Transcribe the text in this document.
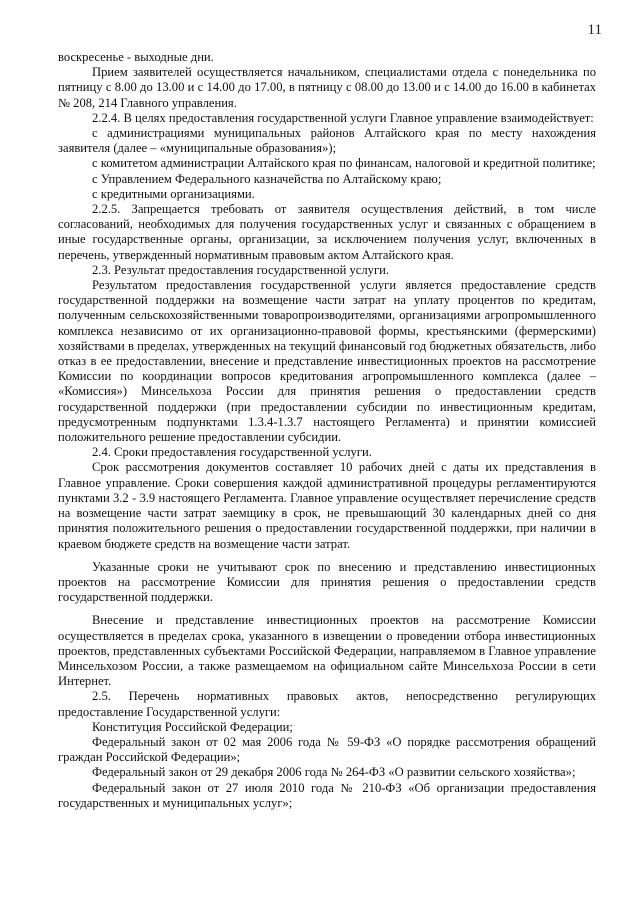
11

воскресенье - выходные дни.

Прием заявителей осуществляется начальником, специалистами отдела с понедельника по пятницу с 8.00 до 13.00 и с 14.00 до 17.00, в пятницу с 08.00 до 13.00 и с 14.00 до 16.00 в кабинетах № 208, 214 Главного управления.

2.2.4. В целях предоставления государственной услуги Главное управление взаимодействует:

с администрациями муниципальных районов Алтайского края по месту нахождения заявителя (далее – «муниципальные образования»);

с комитетом администрации Алтайского края по финансам, налоговой и кредитной политике;

с Управлением Федерального казначейства по Алтайскому краю;

с кредитными организациями.

2.2.5. Запрещается требовать от заявителя осуществления действий, в том числе согласований, необходимых для получения государственных услуг и связанных с обращением в иные государственные органы, организации, за исключением получения услуг, включенных в перечень, утвержденный нормативным правовым актом Алтайского края.

2.3. Результат предоставления государственной услуги.

Результатом предоставления государственной услуги является предоставление средств государственной поддержки на возмещение части затрат на уплату процентов по кредитам, полученным сельскохозяйственными товаропроизводителями, организациями агропромышленного комплекса независимо от их организационно-правовой формы, крестьянскими (фермерскими) хозяйствами в пределах, утвержденных на текущий финансовый год бюджетных обязательств, либо отказ в ее предоставлении, внесение и представление инвестиционных проектов на рассмотрение Комиссии по координации вопросов кредитования агропромышленного комплекса (далее – «Комиссия») Минсельхоза России для принятия решения о предоставлении средств государственной поддержки (при предоставлении субсидии по инвестиционным кредитам, предусмотренным подпунктами 1.3.4-1.3.7 настоящего Регламента) и принятии комиссией положительного решение предоставлении субсидии.

2.4. Сроки предоставления государственной услуги.

Срок рассмотрения документов составляет 10 рабочих дней с даты их представления в Главное управление. Сроки совершения каждой административной процедуры регламентируются пунктами 3.2 - 3.9 настоящего Регламента. Главное управление осуществляет перечисление средств на возмещение части затрат заемщику в срок, не превышающий 30 календарных дней со дня принятия положительного решения о предоставлении государственной поддержки, при наличии в краевом бюджете средств на возмещение части затрат.

Указанные сроки не учитывают срок по внесению и представлению инвестиционных проектов на рассмотрение Комиссии для принятия решения о предоставлении средств государственной поддержки.

Внесение и представление инвестиционных проектов на рассмотрение Комиссии осуществляется в пределах срока, указанного в извещении о проведении отбора инвестиционных проектов, представленных субъектами Российской Федерации, направляемом в Главное управление Минсельхозом России, а также размещаемом на официальном сайте Минсельхоза России в сети Интернет.

2.5. Перечень нормативных правовых актов, непосредственно регулирующих предоставление Государственной услуги:

Конституция Российской Федерации;

Федеральный закон от 02 мая 2006 года № 59-ФЗ «О порядке рассмотрения обращений граждан Российской Федерации»;

Федеральный закон от 29 декабря 2006 года № 264-ФЗ «О развитии сельского хозяйства»;

Федеральный закон от 27 июля 2010 года № 210-ФЗ «Об организации предоставления государственных и муниципальных услуг»;
